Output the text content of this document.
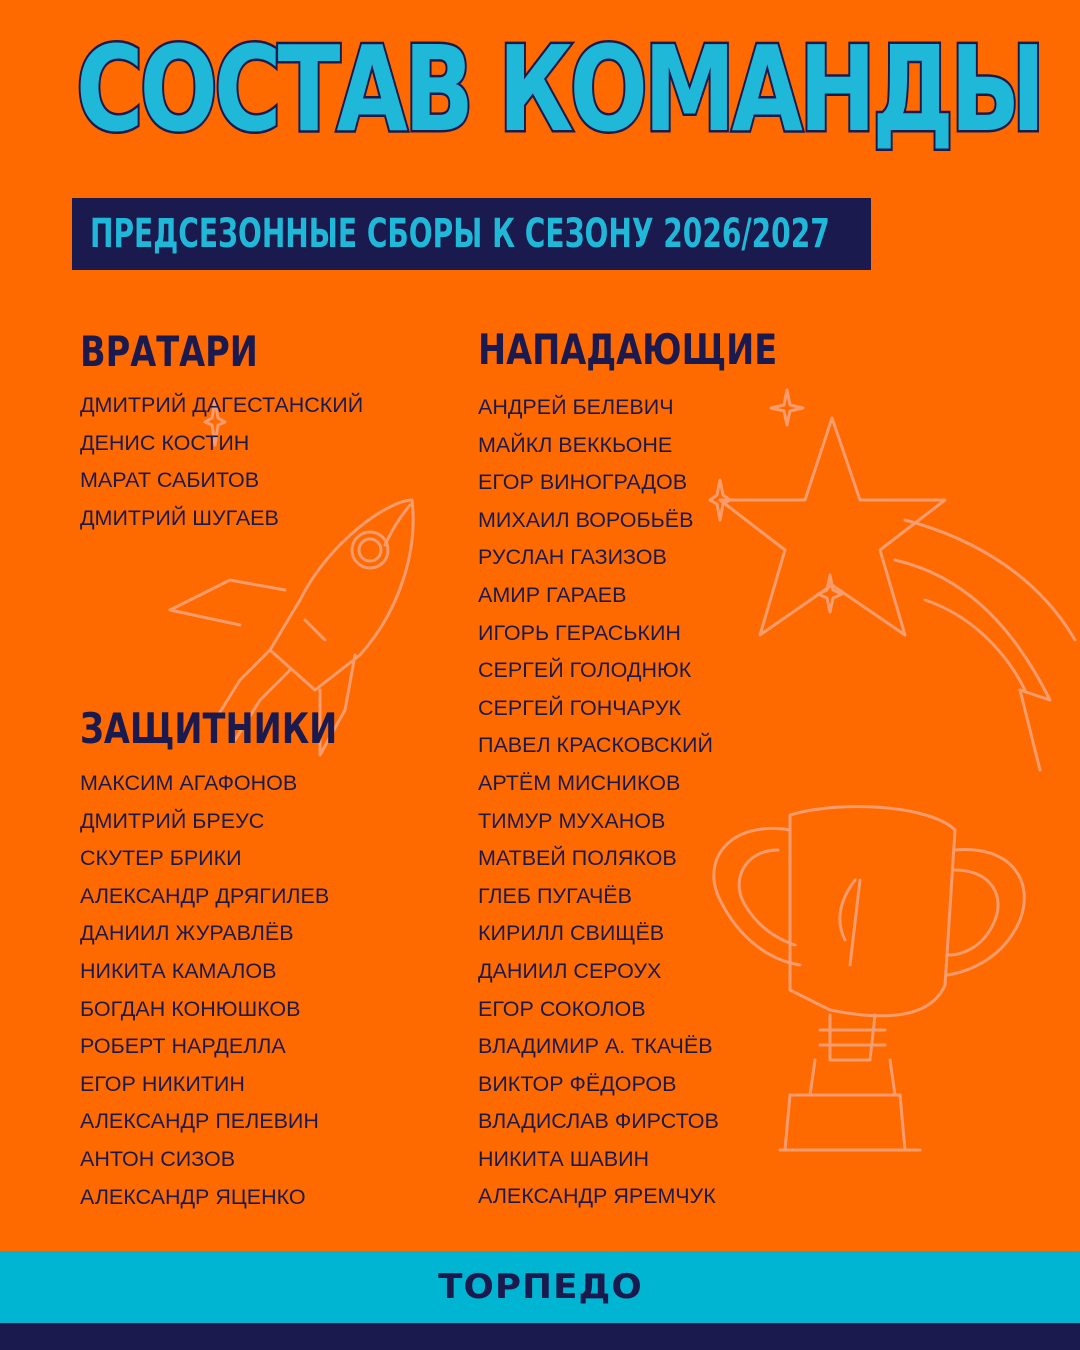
СОСТАВ КОМАНДЫ
ПРЕДСЕЗОННЫЕ СБОРЫ К СЕЗОНУ 2026/2027
ВРАТАРИ
ДМИТРИЙ ДАГЕСТАНСКИЙ
ДЕНИС КОСТИН
МАРАТ САБИТОВ
ДМИТРИЙ ШУГАЕВ
ЗАЩИТНИКИ
МАКСИМ АГАФОНОВ
ДМИТРИЙ БРЕУС
СКУТЕР БРИКИ
АЛЕКСАНДР ДРЯГИЛЕВ
ДАНИИЛ ЖУРАВЛЁВ
НИКИТА КАМАЛОВ
БОГДАН КОНЮШКОВ
РОБЕРТ НАРДЕЛЛА
ЕГОР НИКИТИН
АЛЕКСАНДР ПЕЛЕВИН
АНТОН СИЗОВ
АЛЕКСАНДР ЯЦЕНКО
НАПАДАЮЩИЕ
АНДРЕЙ БЕЛЕВИЧ
МАЙКЛ ВЕККЬОНЕ
ЕГОР ВИНОГРАДОВ
МИХАИЛ ВОРОБЬЁВ
РУСЛАН ГАЗИЗОВ
АМИР ГАРАЕВ
ИГОРЬ ГЕРАСЬКИН
СЕРГЕЙ ГОЛОДНЮК
СЕРГЕЙ ГОНЧАРУК
ПАВЕЛ КРАСКОВСКИЙ
АРТЁМ МИСНИКОВ
ТИМУР МУХАНОВ
МАТВЕЙ ПОЛЯКОВ
ГЛЕБ ПУГАЧЁВ
КИРИЛЛ СВИЩЁВ
ДАНИИЛ СЕРОУХ
ЕГОР СОКОЛОВ
ВЛАДИМИР А. ТКАЧЁВ
ВИКТОР ФЁДОРОВ
ВЛАДИСЛАВ ФИРСТОВ
НИКИТА ШАВИН
АЛЕКСАНДР ЯРЕМЧУК
ТОРПЕДО
